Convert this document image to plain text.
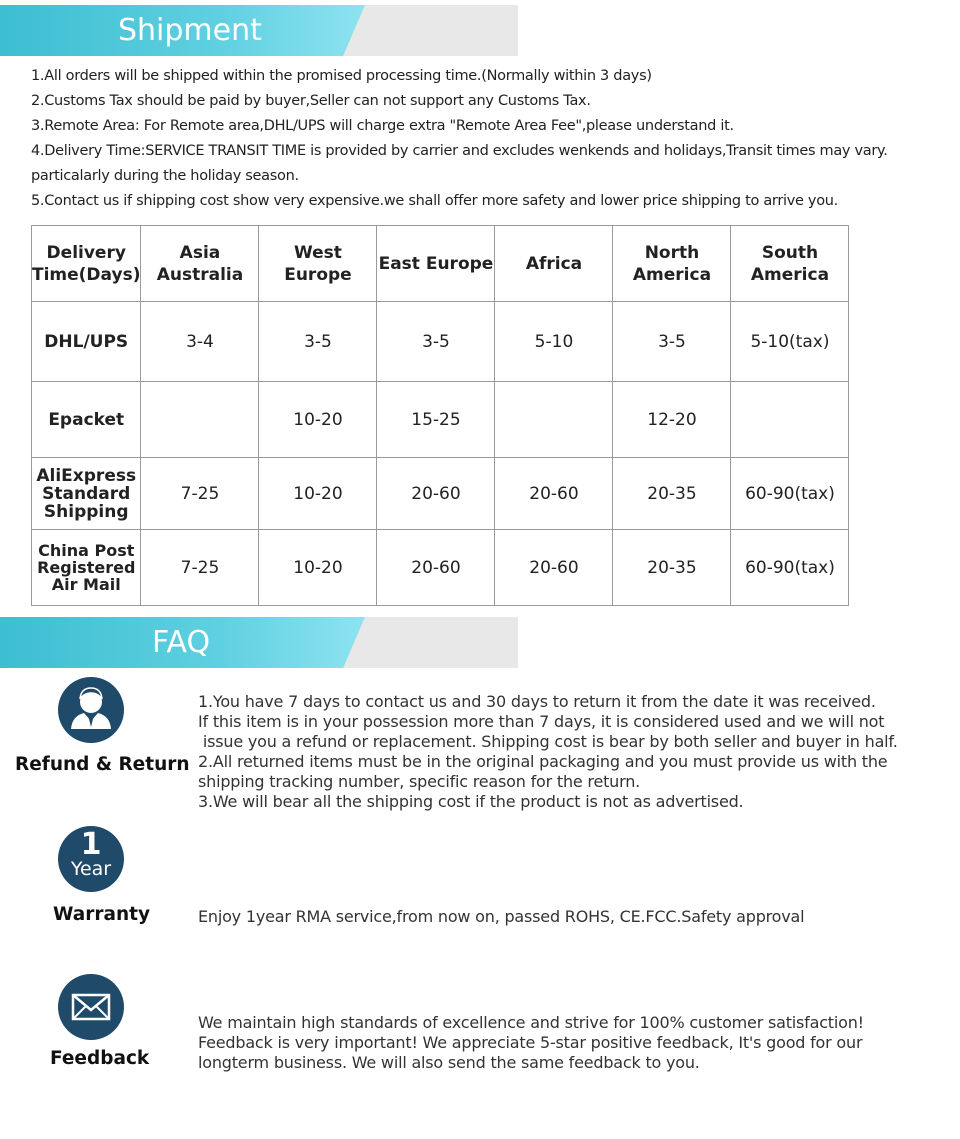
Shipment
1.All orders will be shipped within the promised processing time.(Normally within 3 days)
2.Customs Tax should be paid by buyer,Seller can not support any Customs Tax.
3.Remote Area: For Remote area,DHL/UPS will charge extra "Remote Area Fee",please understand it.
4.Delivery Time:SERVICE TRANSIT TIME is provided by carrier and excludes wenkends and holidays,Transit times may vary.
particalarly during the holiday season.
5.Contact us if shipping cost show very expensive.we shall offer more safety and lower price shipping to arrive you.
Delivery Time(Days)	Asia Australia	West Europe	East Europe	Africa	North America	South America
DHL/UPS	3-4	3-5	3-5	5-10	3-5	5-10(tax)
Epacket		10-20	15-25		12-20	
AliExpress Standard Shipping	7-25	10-20	20-60	20-60	20-35	60-90(tax)
China Post Registered Air Mail	7-25	10-20	20-60	20-60	20-35	60-90(tax)
FAQ
Refund & Return
1.You have 7 days to contact us and 30 days to return it from the date it was received.
If this item is in your possession more than 7 days, it is considered used and we will not
issue you a refund or replacement. Shipping cost is bear by both seller and buyer in half.
2.All returned items must be in the original packaging and you must provide us with the
shipping tracking number, specific reason for the return.
3.We will bear all the shipping cost if the product is not as advertised.
1
Year
Warranty	Enjoy 1year RMA service,from now on, passed ROHS, CE.FCC.Safety approval
Feedback
We maintain high standards of excellence and strive for 100% customer satisfaction!
Feedback is very important! We appreciate 5-star positive feedback, It's good for our
longterm business. We will also send the same feedback to you.
